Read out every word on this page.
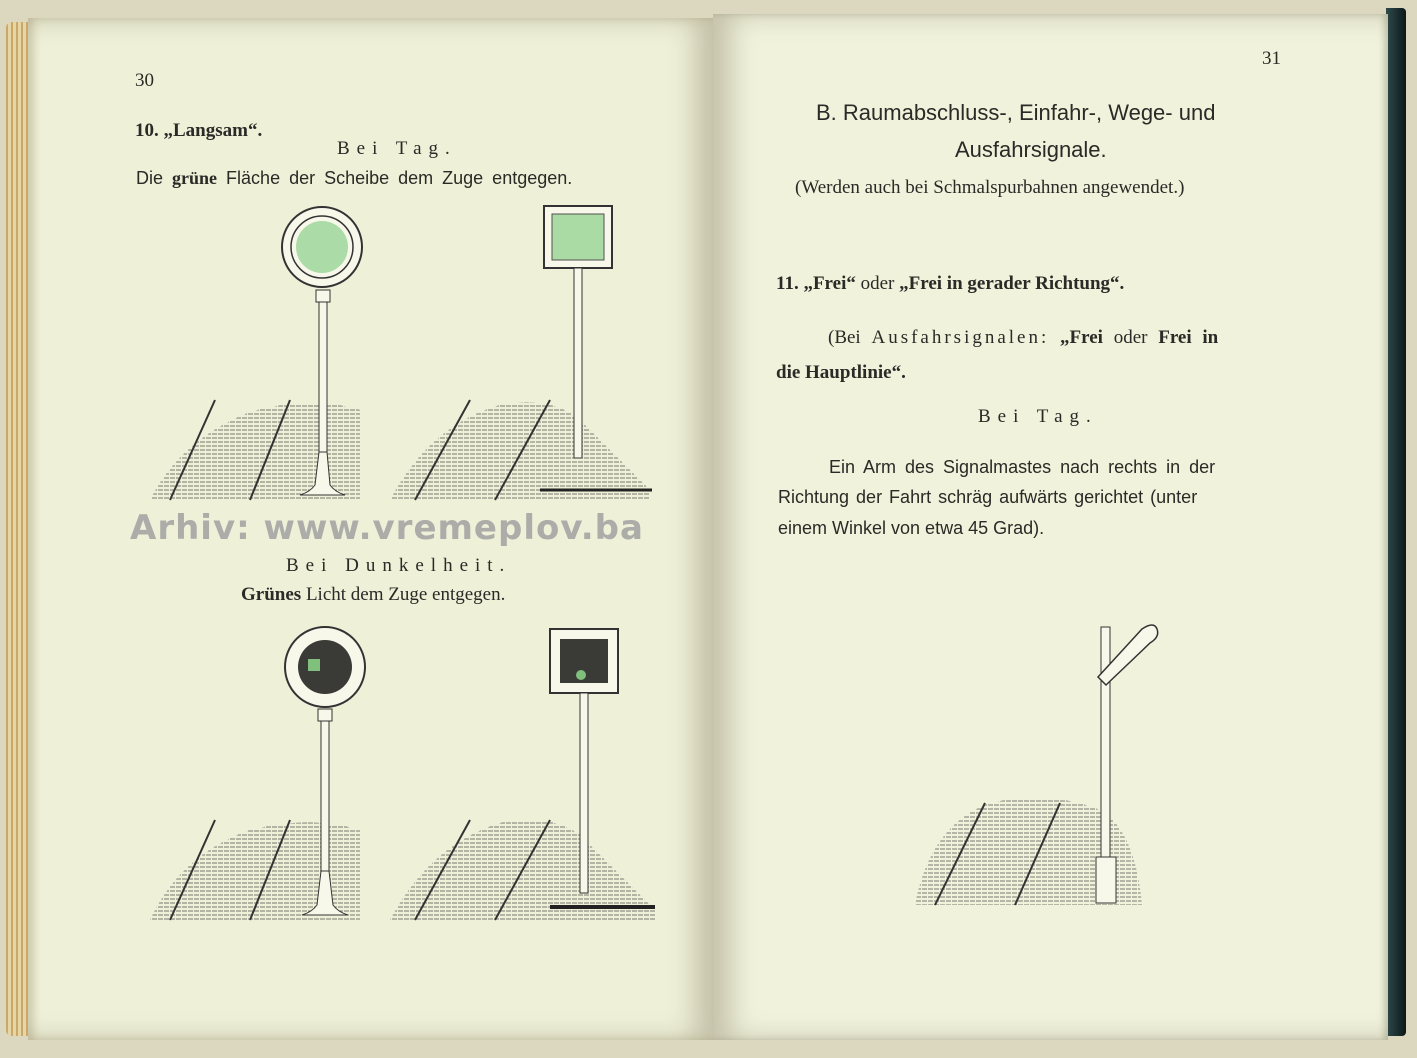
30
10. „Langsam“.
Bei Tag.
Die grüne Fläche der Scheibe dem Zuge entgegen.
Arhiv: www.vremeplov.ba
Bei Dunkelheit.
Grünes Licht dem Zuge entgegen.
31
B. Raumabschluss-, Einfahr-, Wege- und
Ausfahrsignale.
(Werden auch bei Schmalspurbahnen angewendet.)
11. „Frei“ oder „Frei in gerader Richtung“.
(Bei Ausfahrsignalen: „Frei oder Frei in
die Hauptlinie“.
Bei Tag.
Ein Arm des Signalmastes nach rechts in der
Richtung der Fahrt schräg aufwärts gerichtet (unter
einem Winkel von etwa 45 Grad).
